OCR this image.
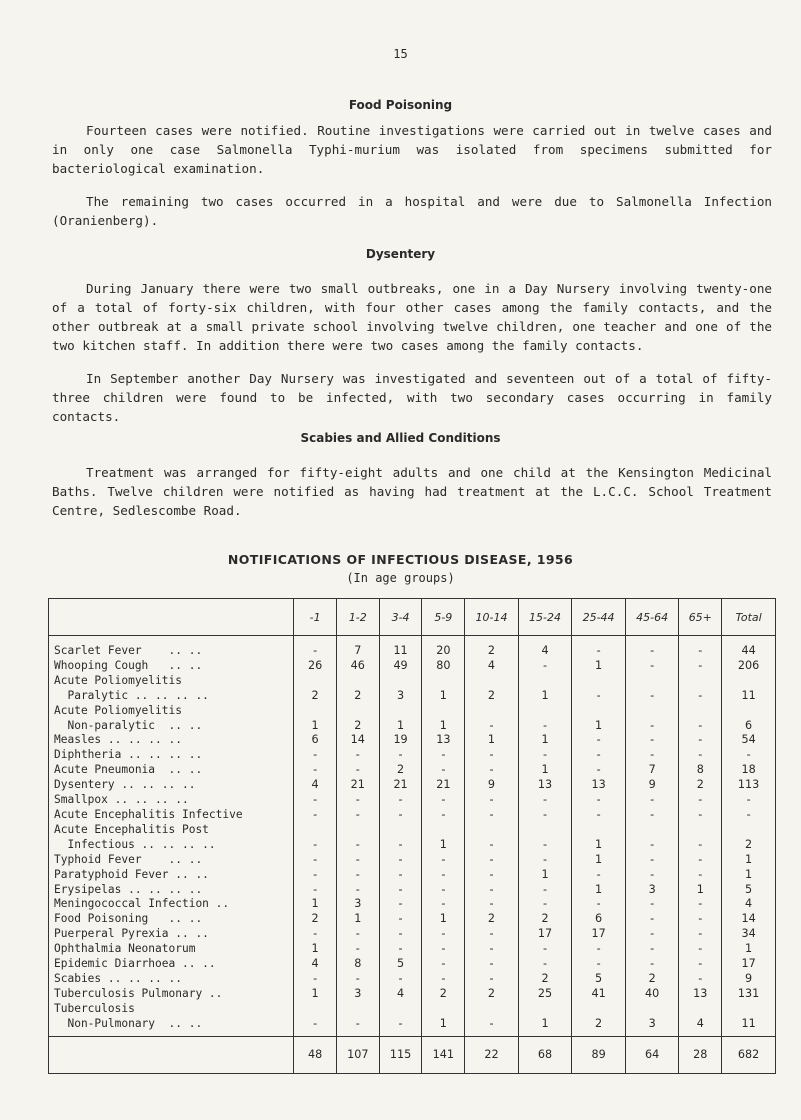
15
Food Poisoning

Fourteen cases were notified. Routine investigations were carried out in twelve cases and in only one case Salmonella Typhi-murium was isolated from specimens submitted for bacteriological examination.

The remaining two cases occurred in a hospital and were due to Salmonella Infection (Oranienberg).

Dysentery

During January there were two small outbreaks, one in a Day Nursery involving twenty-one of a total of forty-six children, with four other cases among the family contacts, and the other outbreak at a small private school involving twelve children, one teacher and one of the two kitchen staff. In addition there were two cases among the family contacts.

In September another Day Nursery was investigated and seventeen out of a total of fifty-three children were found to be infected, with two secondary cases occurring in family contacts.

Scabies and Allied Conditions

Treatment was arranged for fifty-eight adults and one child at the Kensington Medicinal Baths. Twelve children were notified as having had treatment at the L.C.C. School Treatment Centre, Sedlescombe Road.

NOTIFICATIONS OF INFECTIOUS DISEASE, 1956
(In age groups)
	-1	1-2	3-4	5-9	10-14	15-24	25-44	45-64	65+	Total
Scarlet Fever    .. ..	-	7	11	20	2	4	-	-	-	44
Whooping Cough   .. ..	26	46	49	80	4	-	1	-	-	206
Acute Poliomyelitis										
Paralytic .. .. .. ..	2	2	3	1	2	1	-	-	-	11
Acute Poliomyelitis										
Non-paralytic  .. ..	1	2	1	1	-	-	1	-	-	6
Measles .. .. .. ..	6	14	19	13	1	1	-	-	-	54
Diphtheria .. .. .. ..	-	-	-	-	-	-	-	-	-	-
Acute Pneumonia  .. ..	-	-	2	-	-	1	-	7	8	18
Dysentery .. .. .. ..	4	21	21	21	9	13	13	9	2	113
Smallpox .. .. .. ..	-	-	-	-	-	-	-	-	-	-
Acute Encephalitis Infective	-	-	-	-	-	-	-	-	-	-
Acute Encephalitis Post										
Infectious .. .. .. ..	-	-	-	1	-	-	1	-	-	2
Typhoid Fever    .. ..	-	-	-	-	-	-	1	-	-	1
Paratyphoid Fever .. ..	-	-	-	-	-	1	-	-	-	1
Erysipelas .. .. .. ..	-	-	-	-	-	-	1	3	1	5
Meningococcal Infection ..	1	3	-	-	-	-	-	-	-	4
Food Poisoning   .. ..	2	1	-	1	2	2	6	-	-	14
Puerperal Pyrexia .. ..	-	-	-	-	-	17	17	-	-	34
Ophthalmia Neonatorum	1	-	-	-	-	-	-	-	-	1
Epidemic Diarrhoea .. ..	4	8	5	-	-	-	-	-	-	17
Scabies .. .. .. ..	-	-	-	-	-	2	5	2	-	9
Tuberculosis Pulmonary ..	1	3	4	2	2	25	41	40	13	131
Tuberculosis										
Non-Pulmonary  .. ..	-	-	-	1	-	1	2	3	4	11
	48	107	115	141	22	68	89	64	28	682
